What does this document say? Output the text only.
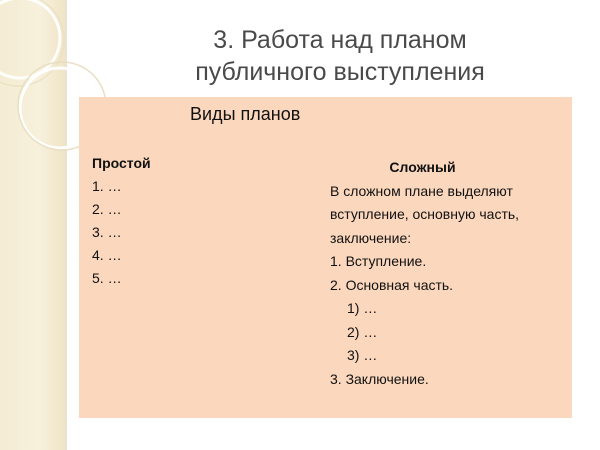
3. Работа над планом
публичного выступления
Виды планов
Простой
1. …
2. …
3. …
4. …
5. …
Сложный
В сложном плане выделяют
вступление, основную часть,
заключение:
1. Вступление.
2. Основная часть.
1) …
2) …
3) …
3. Заключение.
